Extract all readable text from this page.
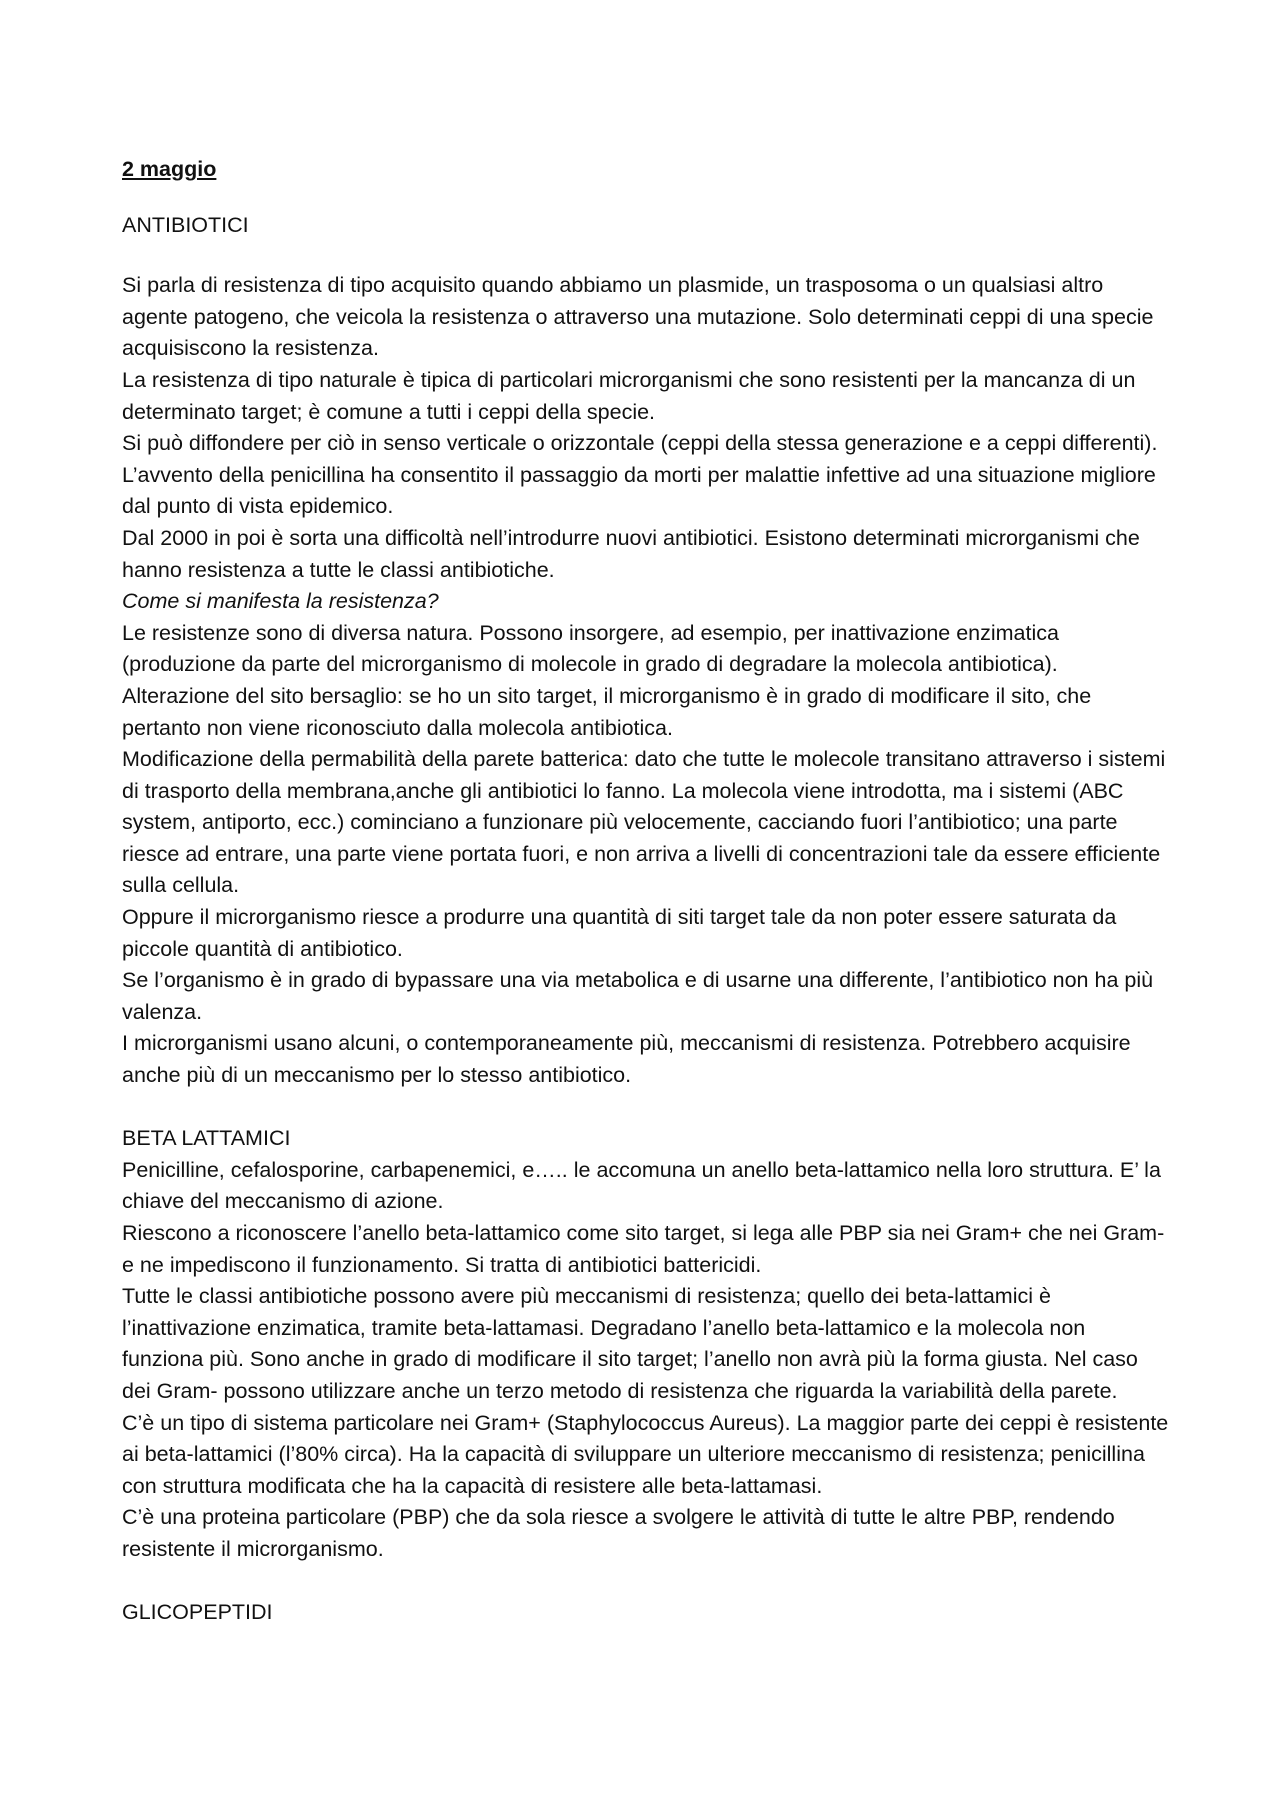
2 maggio

ANTIBIOTICI

Si parla di resistenza di tipo acquisito quando abbiamo un plasmide, un trasposoma o un qualsiasi altro agente patogeno, che veicola la resistenza o attraverso una mutazione. Solo determinati ceppi di una specie acquisiscono la resistenza.

La resistenza di tipo naturale è tipica di particolari microrganismi che sono resistenti per la mancanza di un determinato target; è comune a tutti i ceppi della specie.

Si può diffondere per ciò in senso verticale o orizzontale (ceppi della stessa generazione e a ceppi differenti). L’avvento della penicillina ha consentito il passaggio da morti per malattie infettive ad una situazione migliore dal punto di vista epidemico.

Dal 2000 in poi è sorta una difficoltà nell’introdurre nuovi antibiotici. Esistono determinati microrganismi che hanno resistenza a tutte le classi antibiotiche.

Come si manifesta la resistenza?

Le resistenze sono di diversa natura. Possono insorgere, ad esempio, per inattivazione enzimatica (produzione da parte del microrganismo di molecole in grado di degradare la molecola antibiotica).

Alterazione del sito bersaglio: se ho un sito target, il microrganismo è in grado di modificare il sito, che pertanto non viene riconosciuto dalla molecola antibiotica.

Modificazione della permabilità della parete batterica: dato che tutte le molecole transitano attraverso i sistemi di trasporto della membrana,anche gli antibiotici lo fanno. La molecola viene introdotta, ma i sistemi (ABC system, antiporto, ecc.) cominciano a funzionare più velocemente, cacciando fuori l’antibiotico; una parte riesce ad entrare, una parte viene portata fuori, e non arriva a livelli di concentrazioni tale da essere efficiente sulla cellula.

Oppure il microrganismo riesce a produrre una quantità di siti target tale da non poter essere saturata da piccole quantità di antibiotico.

Se l’organismo è in grado di bypassare una via metabolica e di usarne una differente, l’antibiotico non ha più valenza.

I microrganismi usano alcuni, o contemporaneamente più, meccanismi di resistenza. Potrebbero acquisire anche più di un meccanismo per lo stesso antibiotico.

BETA LATTAMICI

Penicilline, cefalosporine, carbapenemici, e….. le accomuna un anello beta-lattamico nella loro struttura. E’ la chiave del meccanismo di azione.

Riescono a riconoscere l’anello beta-lattamico come sito target, si lega alle PBP sia nei Gram+ che nei Gram- e ne impediscono il funzionamento. Si tratta di antibiotici battericidi.

Tutte le classi antibiotiche possono avere più meccanismi di resistenza; quello dei beta-lattamici è l’inattivazione enzimatica, tramite beta-lattamasi. Degradano l’anello beta-lattamico e la molecola non funziona più. Sono anche in grado di modificare il sito target; l’anello non avrà più la forma giusta. Nel caso dei Gram- possono utilizzare anche un terzo metodo di resistenza che riguarda la variabilità della parete.

C’è un tipo di sistema particolare nei Gram+ (Staphylococcus Aureus). La maggior parte dei ceppi è resistente ai beta-lattamici (l’80% circa). Ha la capacità di sviluppare un ulteriore meccanismo di resistenza; penicillina con struttura modificata che ha la capacità di resistere alle beta-lattamasi.

C’è una proteina particolare (PBP) che da sola riesce a svolgere le attività di tutte le altre PBP, rendendo resistente il microrganismo.

GLICOPEPTIDI
